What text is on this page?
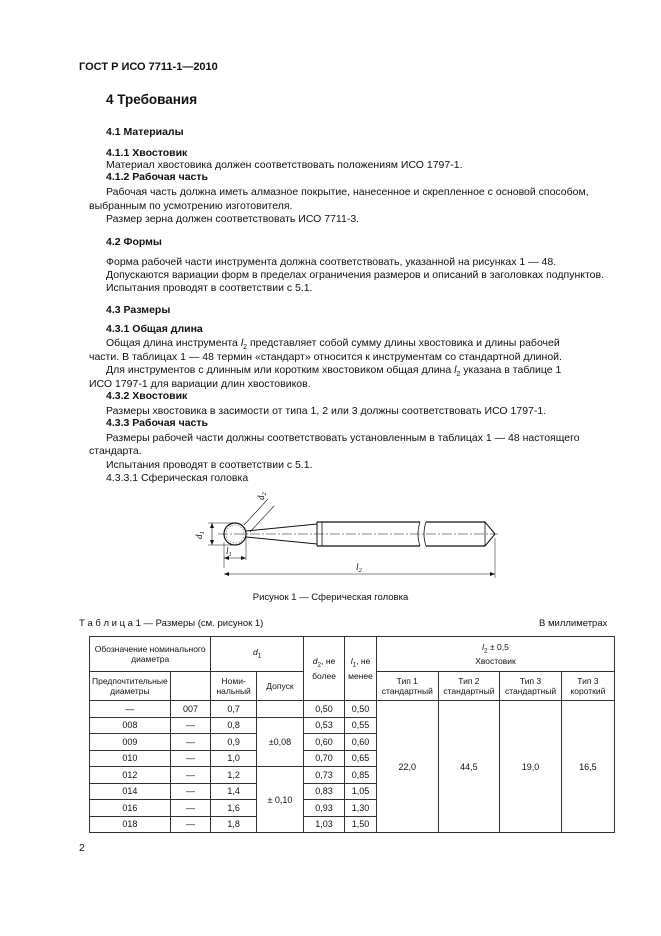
ГОСТ Р ИСО 7711-1—2010
4 Требования
4.1 Материалы
4.1.1 Хвостовик
Материал хвостовика должен соответствовать положениям ИСО 1797-1.
4.1.2 Рабочая часть
Рабочая часть должна иметь алмазное покрытие, нанесенное и скрепленное с основой способом,
выбранным по усмотрению изготовителя.
Размер зерна должен соответствовать ИСО 7711-3.
4.2 Формы
Форма рабочей части инструмента должна соответствовать, указанной на рисунках 1 — 48.
Допускаются вариации форм в пределах ограничения размеров и описаний в заголовках подпунктов.
Испытания проводят в соответствии с 5.1.
4.3 Размеры
4.3.1 Общая длина
Общая длина инструмента $l_2$ представляет собой сумму длины хвостовика и длины рабочей
части. В таблицах 1 — 48 термин «стандарт» относится к инструментам со стандартной длиной.
Для инструментов с длинным или коротким хвостовиком общая длина $l_2$ указана в таблице 1
ИСО 1797-1 для вариации длин хвостовиков.
4.3.2 Хвостовик
Размеры хвостовика в засимости от типа 1, 2 или 3 должны соответствовать ИСО 1797-1.
4.3.3 Рабочая часть
Размеры рабочей части должны соответствовать установленным в таблицах 1 — 48 настоящего
стандарта.
Испытания проводят в соответствии с 5.1.
4.3.3.1 Сферическая головка
$d_1$
$d_2$
$l_1$
$l_2$
Рисунок 1 — Сферическая головка
Т а б л и ц а 1 — Размеры (см. рисунок 1)	В миллиметрах
Обозначение номинального диаметра		$d_1$		$d_2$, не более	$l_1$, не менее	$l_2 \pm 0,5$
Хвостовик			
Предпочтительные диаметры		Номи-нальный	Допуск			Тип 1 стандартный	Тип 2 стандартный	Тип 3 стандартный	Тип 3 короткий
—	007	0,7		0,50	0,50	22,0	44,5	19,0	16,5
008	—	0,8	±0,08	0,53	0,55				
009	—	0,9		0,60	0,60				
010	—	1,0		0,70	0,65				
012	—	1,2	± 0,10	0,73	0,85				
014	—	1,4		0,83	1,05				
016	—	1,6		0,93	1,30				
018	—	1,8		1,03	1,50				
2
